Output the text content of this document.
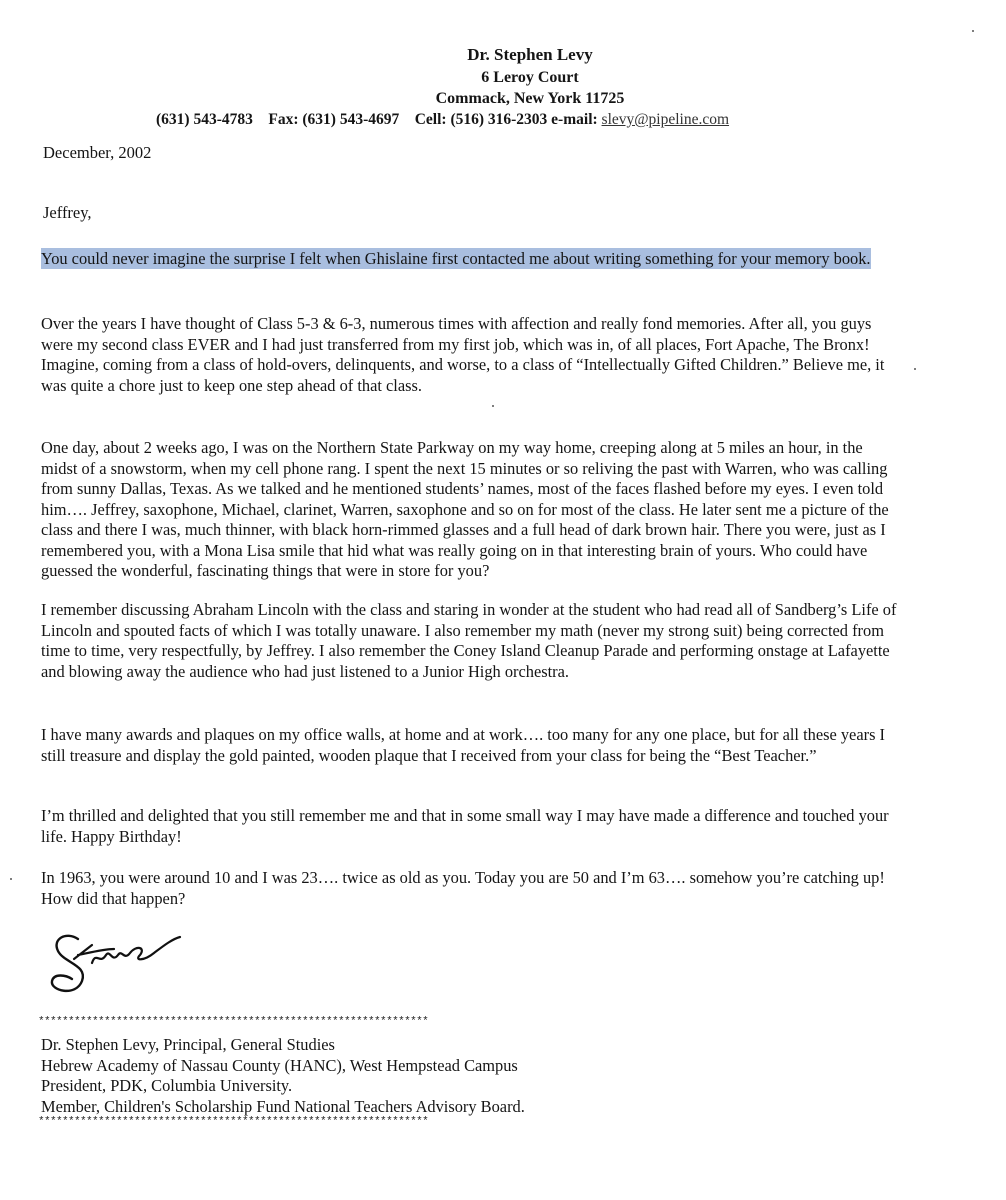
Dr. Stephen Levy
6 Leroy Court
Commack, New York 11725
(631) 543-4783    Fax: (631) 543-4697    Cell: (516) 316-2303 e-mail: slevy@pipeline.com
December, 2002
Jeffrey,

You could never imagine the surprise I felt when Ghislaine first contacted me about writing something for your memory book.

Over the years I have thought of Class 5-3 & 6-3, numerous times with affection and really fond memories. After all, you guys were my second class EVER and I had just transferred from my first job, which was in, of all places, Fort Apache, The Bronx! Imagine, coming from a class of hold-overs, delinquents, and worse, to a class of “Intellectually Gifted Children.” Believe me, it was quite a chore just to keep one step ahead of that class.

One day, about 2 weeks ago, I was on the Northern State Parkway on my way home, creeping along at 5 miles an hour, in the midst of a snowstorm, when my cell phone rang. I spent the next 15 minutes or so reliving the past with Warren, who was calling from sunny Dallas, Texas. As we talked and he mentioned students’ names, most of the faces flashed before my eyes. I even told him…. Jeffrey, saxophone, Michael, clarinet, Warren, saxophone and so on for most of the class. He later sent me a picture of the class and there I was, much thinner, with black horn-rimmed glasses and a full head of dark brown hair. There you were, just as I remembered you, with a Mona Lisa smile that hid what was really going on in that interesting brain of yours. Who could have guessed the wonderful, fascinating things that were in store for you?

I remember discussing Abraham Lincoln with the class and staring in wonder at the student who had read all of Sandberg’s Life of Lincoln and spouted facts of which I was totally unaware. I also remember my math (never my strong suit) being corrected from time to time, very respectfully, by Jeffrey. I also remember the Coney Island Cleanup Parade and performing onstage at Lafayette and blowing away the audience who had just listened to a Junior High orchestra.

I have many awards and plaques on my office walls, at home and at work…. too many for any one place, but for all these years I still treasure and display the gold painted, wooden plaque that I received from your class for being the “Best Teacher.”

I’m thrilled and delighted that you still remember me and that in some small way I may have made a difference and touched your life. Happy Birthday!

In 1963, you were around 10 and I was 23…. twice as old as you. Today you are 50 and I’m 63…. somehow you’re catching up! How did that happen?

*****************************************************************
Dr. Stephen Levy, Principal, General Studies
Hebrew Academy of Nassau County (HANC), West Hempstead Campus
President, PDK, Columbia University.
Member, Children's Scholarship Fund National Teachers Advisory Board.
*****************************************************************
